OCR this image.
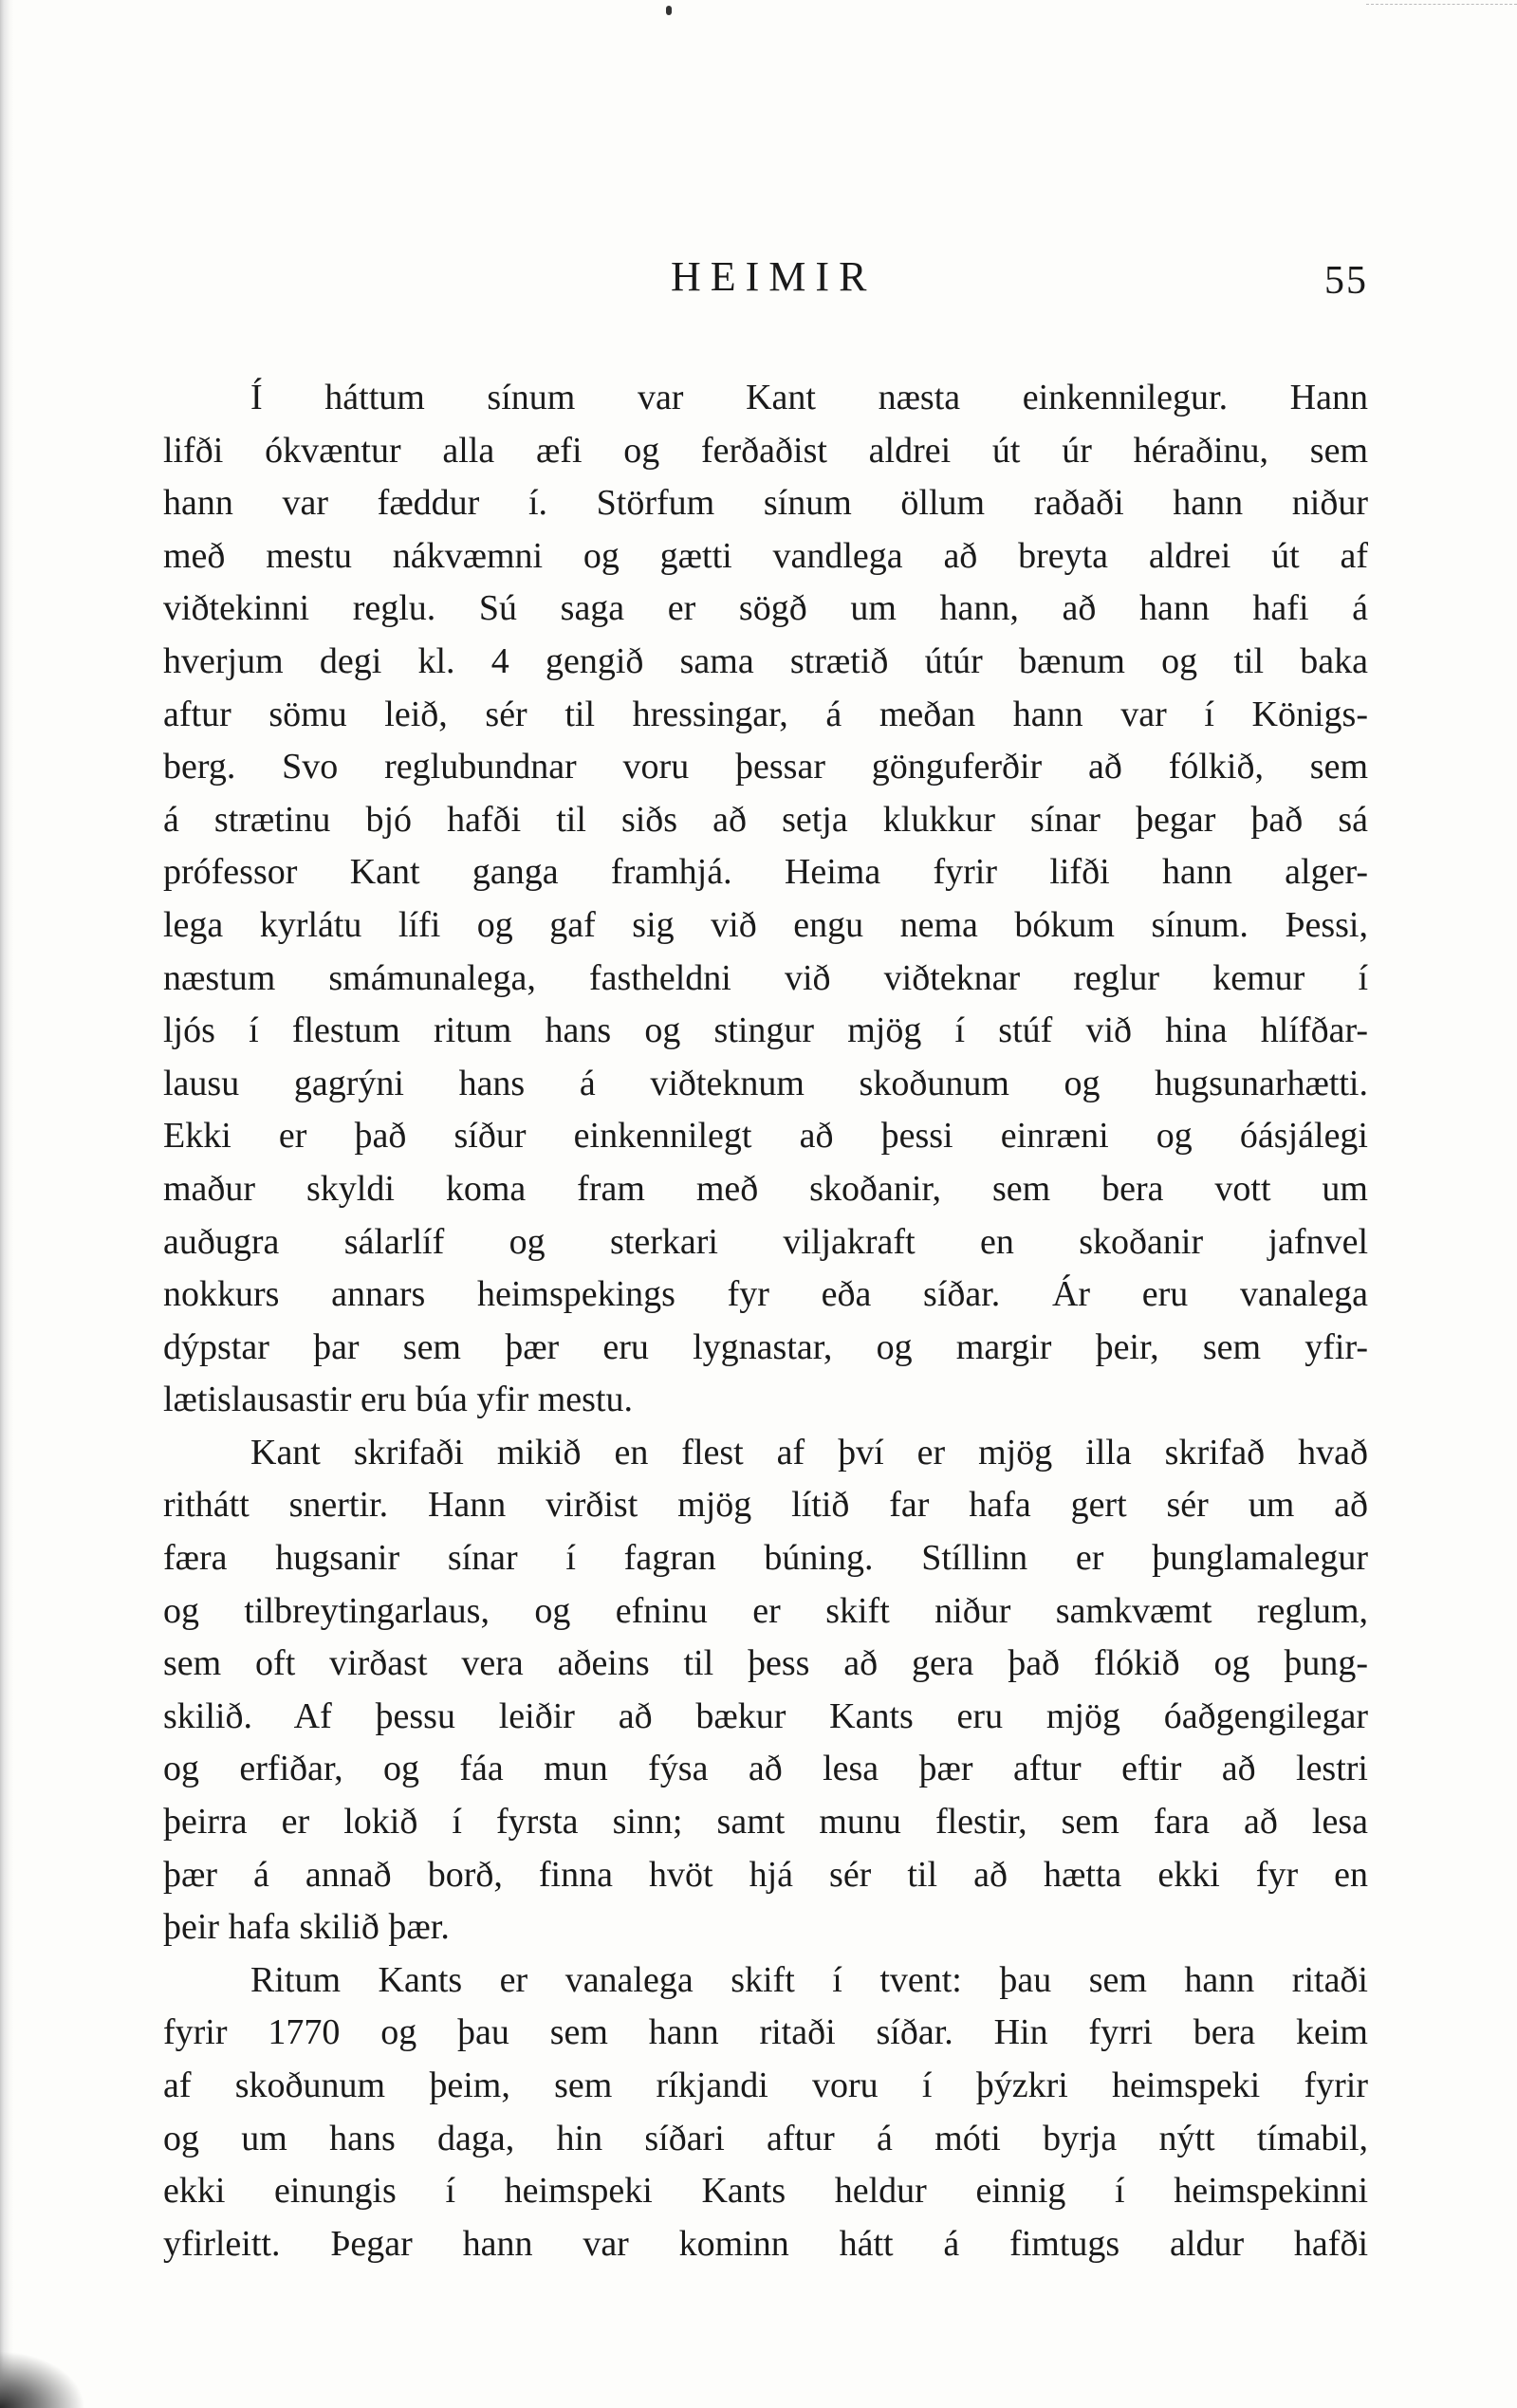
HEIMIR	55
Í háttum sínum var Kant næsta einkennilegur. Hann
lifði ókvæntur alla æfi og ferðaðist aldrei út úr héraðinu, sem
hann var fæddur í. Störfum sínum öllum raðaði hann niður
með mestu nákvæmni og gætti vandlega að breyta aldrei út af
viðtekinni reglu. Sú saga er sögð um hann, að hann hafi á
hverjum degi kl. 4 gengið sama strætið útúr bænum og til baka
aftur sömu leið, sér til hressingar, á meðan hann var í Königs-
berg. Svo reglubundnar voru þessar gönguferðir að fólkið, sem
á strætinu bjó hafði til siðs að setja klukkur sínar þegar það sá
prófessor Kant ganga framhjá. Heima fyrir lifði hann alger-
lega kyrlátu lífi og gaf sig við engu nema bókum sínum. Þessi,
næstum smámunalega, fastheldni við viðteknar reglur kemur í
ljós í flestum ritum hans og stingur mjög í stúf við hina hlífðar-
lausu gagrýni hans á viðteknum skoðunum og hugsunarhætti.
Ekki er það síður einkennilegt að þessi einræni og óásjálegi
maður skyldi koma fram með skoðanir, sem bera vott um
auðugra sálarlíf og sterkari viljakraft en skoðanir jafnvel
nokkurs annars heimspekings fyr eða síðar. Ár eru vanalega
dýpstar þar sem þær eru lygnastar, og margir þeir, sem yfir-
lætislausastir eru búa yfir mestu.
Kant skrifaði mikið en flest af því er mjög illa skrifað hvað
rithátt snertir. Hann virðist mjög lítið far hafa gert sér um að
færa hugsanir sínar í fagran búning. Stíllinn er þunglamalegur
og tilbreytingarlaus, og efninu er skift niður samkvæmt reglum,
sem oft virðast vera aðeins til þess að gera það flókið og þung-
skilið. Af þessu leiðir að bækur Kants eru mjög óaðgengilegar
og erfiðar, og fáa mun fýsa að lesa þær aftur eftir að lestri
þeirra er lokið í fyrsta sinn; samt munu flestir, sem fara að lesa
þær á annað borð, finna hvöt hjá sér til að hætta ekki fyr en
þeir hafa skilið þær.
Ritum Kants er vanalega skift í tvent: þau sem hann ritaði
fyrir 1770 og þau sem hann ritaði síðar. Hin fyrri bera keim
af skoðunum þeim, sem ríkjandi voru í þýzkri heimspeki fyrir
og um hans daga, hin síðari aftur á móti byrja nýtt tímabil,
ekki einungis í heimspeki Kants heldur einnig í heimspekinni
yfirleitt. Þegar hann var kominn hátt á fimtugs aldur hafði
